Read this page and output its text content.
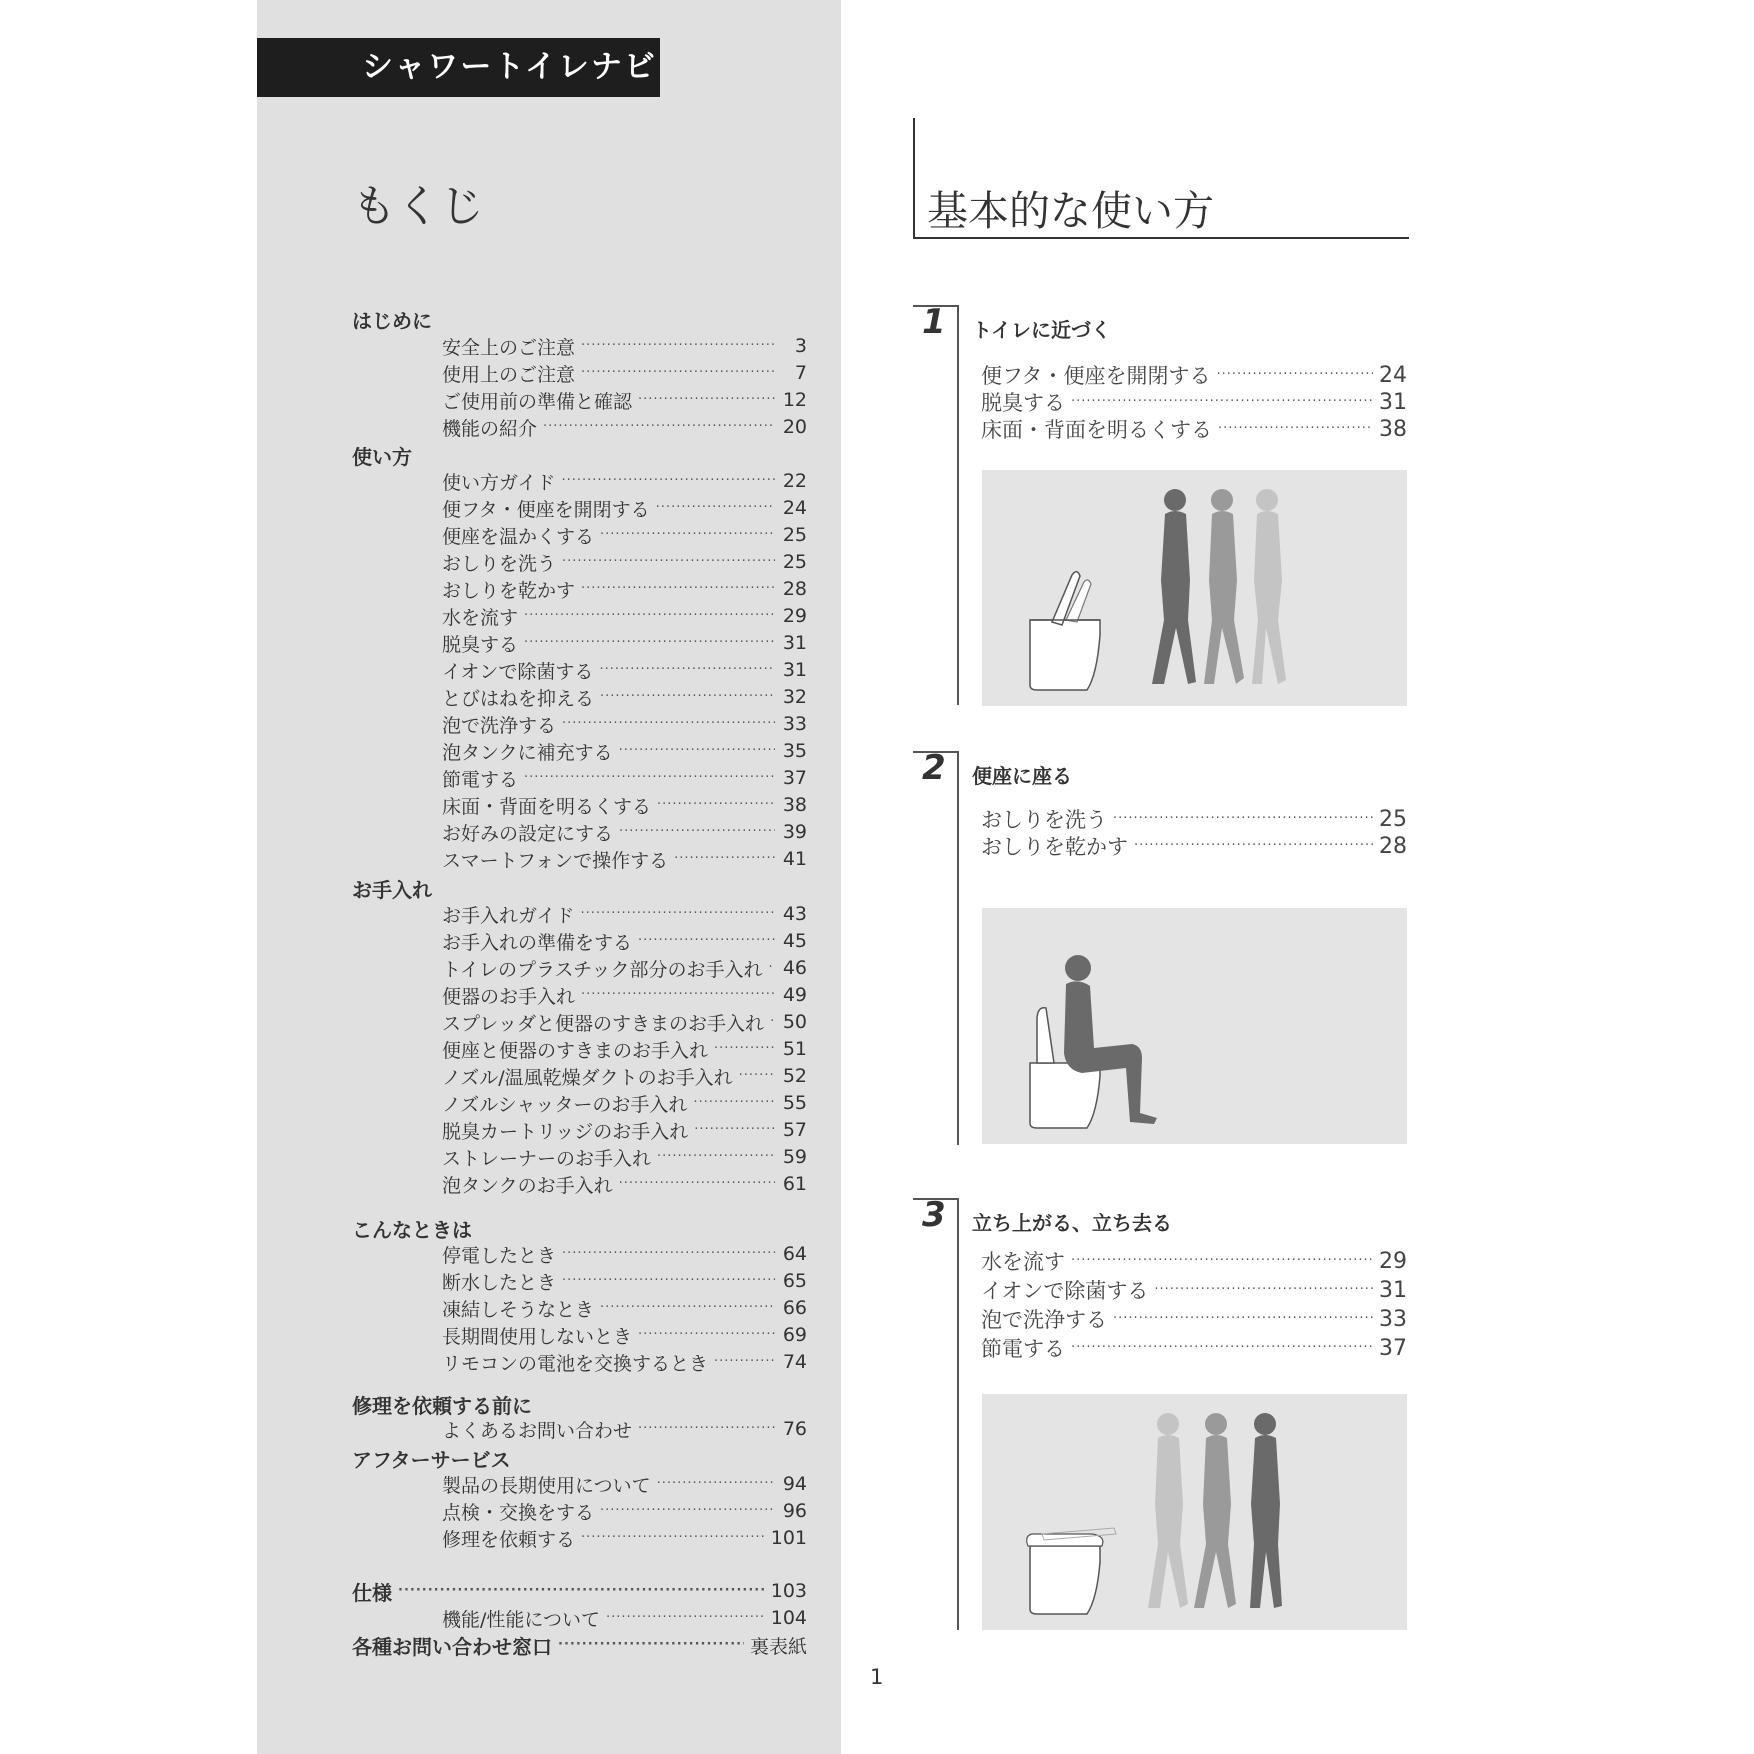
シャワートイレナビ
もくじ
はじめに
安全上のご注意 ·····	3
使用上のご注意 ·····	7
ご使用前の準備と確認 ·····	12
機能の紹介 ·····	20
使い方
使い方ガイド ·····	22
便フタ・便座を開閉する ·····	24
便座を温かくする ·····	25
おしりを洗う ·····	25
おしりを乾かす ·····	28
水を流す ·····	29
脱臭する ·····	31
イオンで除菌する ·····	31
とびはねを抑える ·····	32
泡で洗浄する ·····	33
泡タンクに補充する ·····	35
節電する ·····	37
床面・背面を明るくする ·····	38
お好みの設定にする ·····	39
スマートフォンで操作する ·····	41
お手入れ
お手入れガイド ·····	43
お手入れの準備をする ·····	45
トイレのプラスチック部分のお手入れ ····· 46
便器のお手入れ ·····	49
スプレッダと便器のすきまのお手入れ ····· 50
便座と便器のすきまのお手入れ ·····	51
ノズル/温風乾燥ダクトのお手入れ ·····	52
ノズルシャッターのお手入れ ·····	55
脱臭カートリッジのお手入れ ·····	57
ストレーナーのお手入れ ·····	59
泡タンクのお手入れ ·····	61
こんなときは
停電したとき ·····	64
断水したとき ·····	65
凍結しそうなとき ·····	66
長期間使用しないとき ·····	69
リモコンの電池を交換するとき ·····	74
修理を依頼する前に
よくあるお問い合わせ ·····	76
アフターサービス
製品の長期使用について ·····	94
点検・交換をする ·····	96
修理を依頼する ·····	101
仕様 ·····	103
機能/性能について ·····	104
各種お問い合わせ窓口 ·····	裏表紙
基本的な使い方
1 トイレに近づく
便フタ・便座を開閉する ·····	24
脱臭する ·····	31
床面・背面を明るくする ·····	38
2 便座に座る
おしりを洗う ·····	25
おしりを乾かす ·····	28
3 立ち上がる、立ち去る
水を流す ·····	29
イオンで除菌する ·····	31
泡で洗浄する ·····	33
節電する ·····	37
1
